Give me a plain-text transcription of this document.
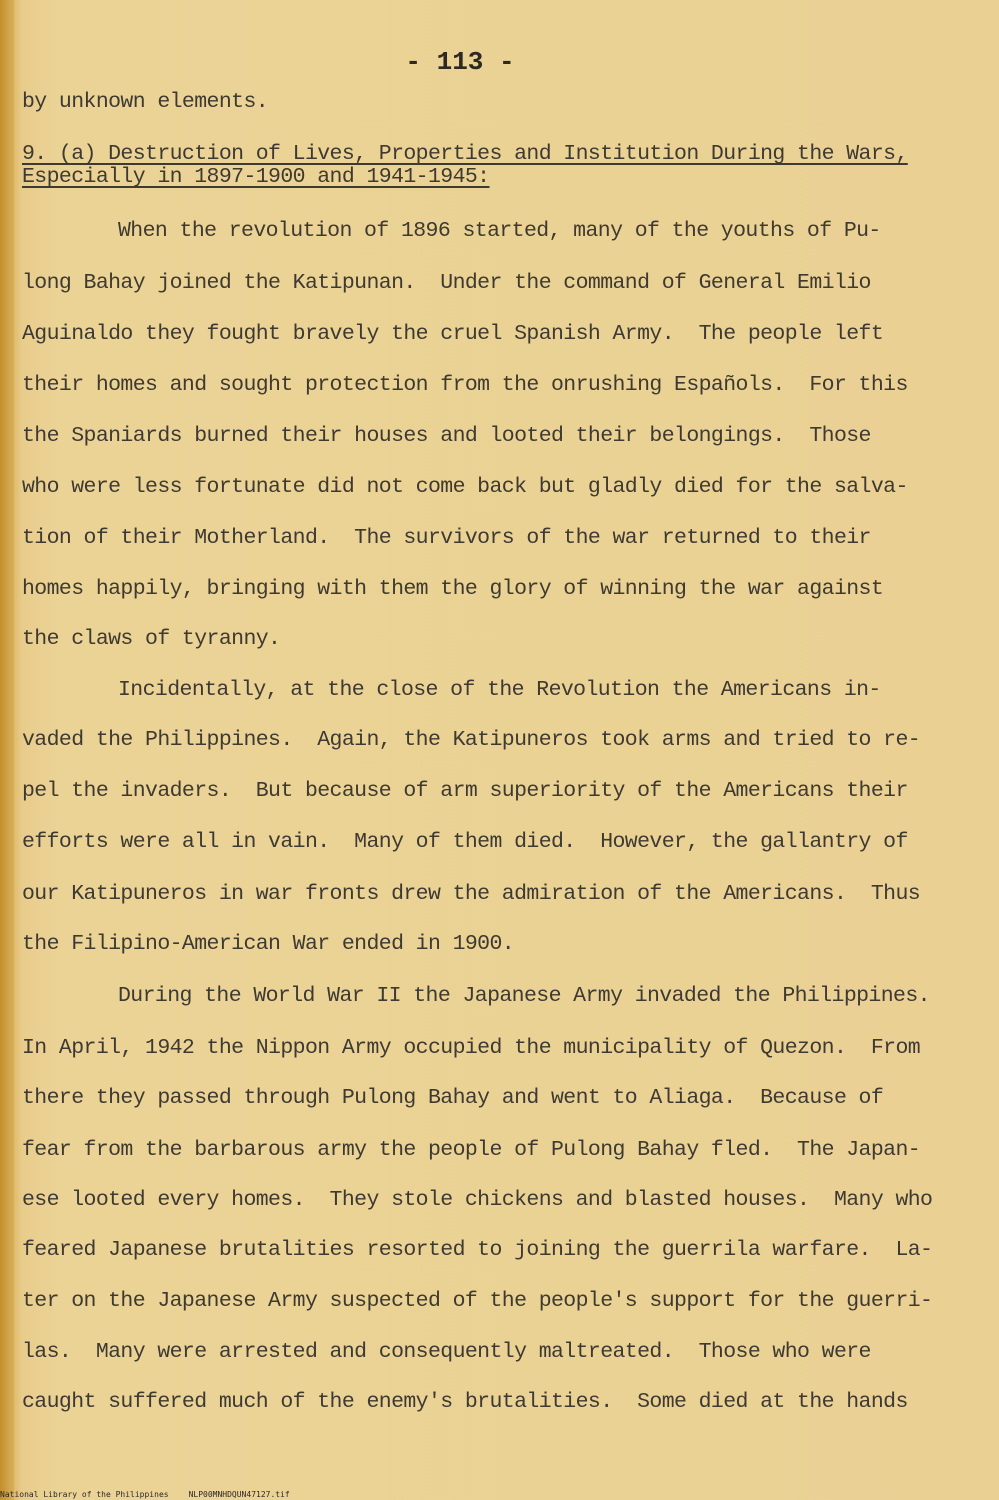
- 113 -
by unknown elements.
9. (a) Destruction of Lives, Properties and Institution During the Wars,
Especially in 1897-1900 and 1941-1945:
When the revolution of 1896 started, many of the youths of Pu-
long Bahay joined the Katipunan.  Under the command of General Emilio
Aguinaldo they fought bravely the cruel Spanish Army.  The people left
their homes and sought protection from the onrushing Españols.  For this
the Spaniards burned their houses and looted their belongings.  Those
who were less fortunate did not come back but gladly died for the salva-
tion of their Motherland.  The survivors of the war returned to their
homes happily, bringing with them the glory of winning the war against
the claws of tyranny.
Incidentally, at the close of the Revolution the Americans in-
vaded the Philippines.  Again, the Katipuneros took arms and tried to re-
pel the invaders.  But because of arm superiority of the Americans their
efforts were all in vain.  Many of them died.  However, the gallantry of
our Katipuneros in war fronts drew the admiration of the Americans.  Thus
the Filipino-American War ended in 1900.
During the World War II the Japanese Army invaded the Philippines.
In April, 1942 the Nippon Army occupied the municipality of Quezon.  From
there they passed through Pulong Bahay and went to Aliaga.  Because of
fear from the barbarous army the people of Pulong Bahay fled.  The Japan-
ese looted every homes.  They stole chickens and blasted houses.  Many who
feared Japanese brutalities resorted to joining the guerrila warfare.  La-
ter on the Japanese Army suspected of the people's support for the guerri-
las.  Many were arrested and consequently maltreated.  Those who were
caught suffered much of the enemy's brutalities.  Some died at the hands
National Library of the Philippines	NLP00MNHDQUN47127.tif
